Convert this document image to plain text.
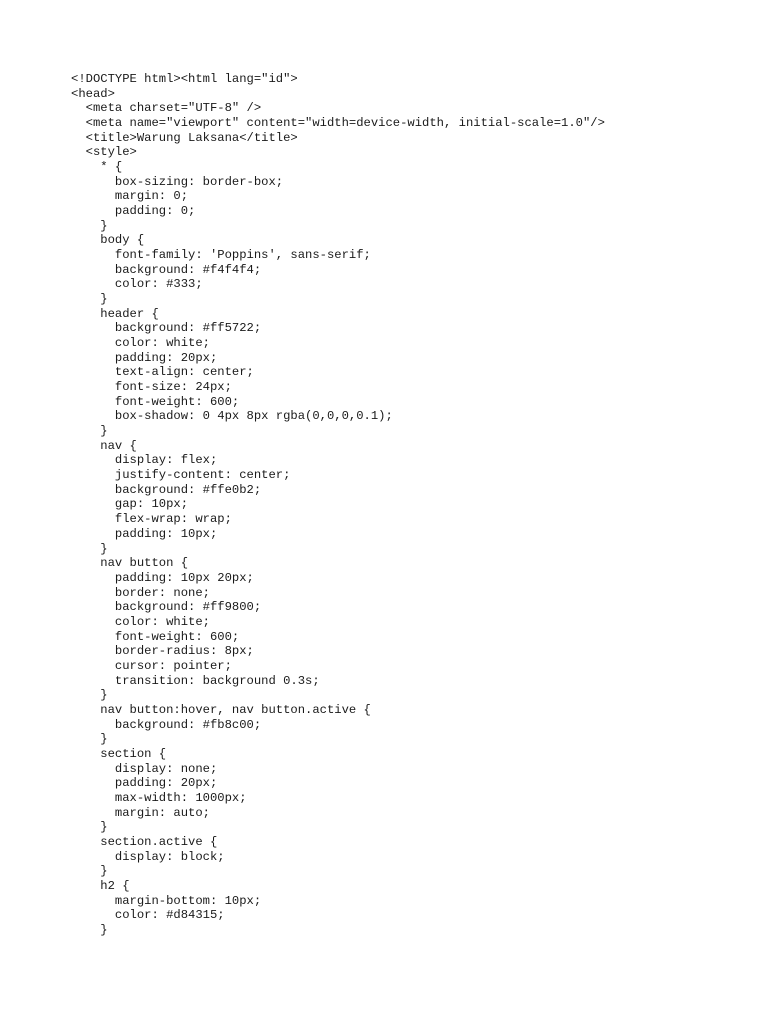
<!DOCTYPE html><html lang="id">
<head>
<meta charset="UTF-8" />
<meta name="viewport" content="width=device-width, initial-scale=1.0"/>
<title>Warung Laksana</title>
<style>
* {
box-sizing: border-box;
margin: 0;
padding: 0;
}
body {
font-family: 'Poppins', sans-serif;
background: #f4f4f4;
color: #333;
}
header {
background: #ff5722;
color: white;
padding: 20px;
text-align: center;
font-size: 24px;
font-weight: 600;
box-shadow: 0 4px 8px rgba(0,0,0,0.1);
}
nav {
display: flex;
justify-content: center;
background: #ffe0b2;
gap: 10px;
flex-wrap: wrap;
padding: 10px;
}
nav button {
padding: 10px 20px;
border: none;
background: #ff9800;
color: white;
font-weight: 600;
border-radius: 8px;
cursor: pointer;
transition: background 0.3s;
}
nav button:hover, nav button.active {
background: #fb8c00;
}
section {
display: none;
padding: 20px;
max-width: 1000px;
margin: auto;
}
section.active {
display: block;
}
h2 {
margin-bottom: 10px;
color: #d84315;
}
